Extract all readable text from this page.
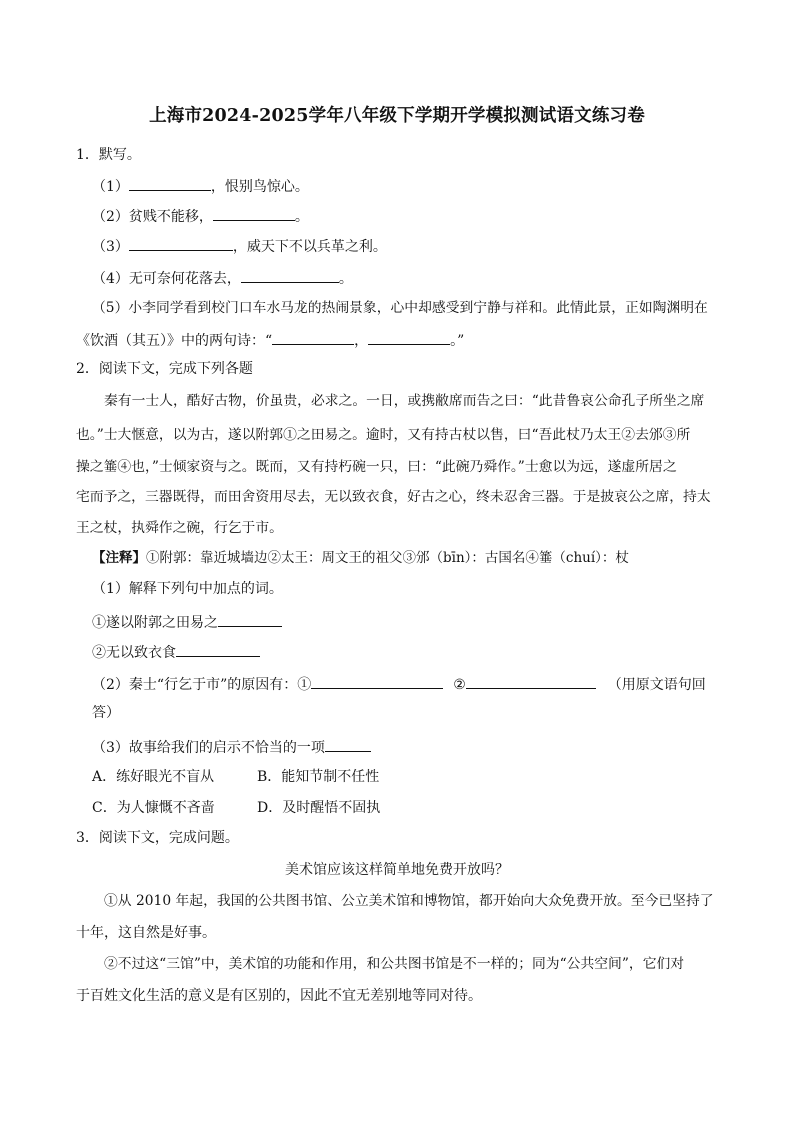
上海市2024-2025学年八年级下学期开学模拟测试语文练习卷
1．默写。
（1）	，恨别鸟惊心。
（2）贫贱不能移，	。
（3）	，威天下不以兵革之利。
（4）无可奈何花落去，	。
（5）小李同学看到校门口车水马龙的热闹景象，心中却感受到宁静与祥和。此情此景，正如陶渊明在
《饮酒（其五）》中的两句诗：“	，	。”
2．阅读下文，完成下列各题
秦有一士人，酷好古物，价虽贵，必求之。一日，或携敝席而告之曰：“此昔鲁哀公命孔子所坐之席
也。”士大惬意，以为古，遂以附郭①之田易之。逾时，又有持古杖以售，曰“吾此杖乃太王②去邠③所
操之箠④也，”士倾家资与之。既而，又有持朽碗一只，曰：“此碗乃舜作。”士愈以为远，遂虚所居之
宅而予之，三器既得，而田舍资用尽去，无以致衣食，好古之心，终未忍舍三器。于是披哀公之席，持太
王之杖，执舜作之碗，行乞于市。
【注释】①附郭：靠近城墙边②太王：周文王的祖父③邠（bīn）：古国名④箠（chuí）：杖
（1）解释下列句中加点的词。
①遂以附郭之田易之
②无以致衣食
（2）秦士“行乞于市”的原因有：①	②	（用原文语句回
答）
（3）故事给我们的启示不恰当的一项
A．练好眼光不盲从	B．能知节制不任性
C．为人慷慨不吝啬	D．及时醒悟不固执
3．阅读下文，完成问题。
美术馆应该这样简单地免费开放吗？
①从 2010 年起，我国的公共图书馆、公立美术馆和博物馆，都开始向大众免费开放。至今已坚持了
十年，这自然是好事。
②不过这“三馆”中，美术馆的功能和作用，和公共图书馆是不一样的；同为“公共空间”，它们对
于百姓文化生活的意义是有区别的，因此不宜无差别地等同对待。
